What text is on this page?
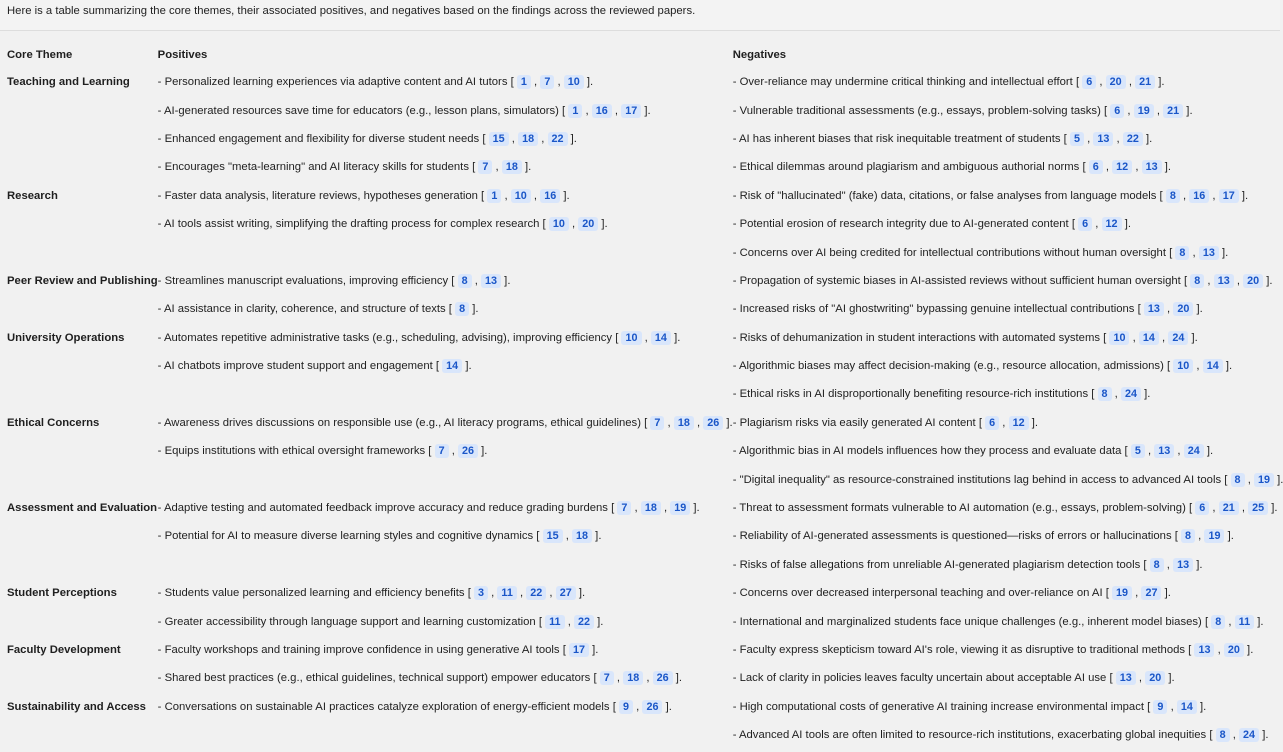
Here is a table summarizing the core themes, their associated positives, and negatives based on the findings across the reviewed papers.
Core Theme	Positives	Negatives
Teaching and Learning	- Personalized learning experiences via adaptive content and AI tutors [ 1 , 7 , 10 ].	- Over-reliance may undermine critical thinking and intellectual effort [ 6 , 20 , 21 ].
	- AI-generated resources save time for educators (e.g., lesson plans, simulators) [ 1 , 16 , 17 ].	- Vulnerable traditional assessments (e.g., essays, problem-solving tasks) [ 6 , 19 , 21 ].
	- Enhanced engagement and flexibility for diverse student needs [ 15 , 18 , 22 ].	- AI has inherent biases that risk inequitable treatment of students [ 5 , 13 , 22 ].
	- Encourages "meta-learning" and AI literacy skills for students [ 7 , 18 ].	- Ethical dilemmas around plagiarism and ambiguous authorial norms [ 6 , 12 , 13 ].
Research	- Faster data analysis, literature reviews, hypotheses generation [ 1 , 10 , 16 ].	- Risk of "hallucinated" (fake) data, citations, or false analyses from language models [ 8 , 16 , 17 ].
	- AI tools assist writing, simplifying the drafting process for complex research [ 10 , 20 ].	- Potential erosion of research integrity due to AI-generated content [ 6 , 12 ].
		- Concerns over AI being credited for intellectual contributions without human oversight [ 8 , 13 ].
Peer Review and Publishing	- Streamlines manuscript evaluations, improving efficiency [ 8 , 13 ].	- Propagation of systemic biases in AI-assisted reviews without sufficient human oversight [ 8 , 13 , 20 ].
	- AI assistance in clarity, coherence, and structure of texts [ 8 ].	- Increased risks of "AI ghostwriting" bypassing genuine intellectual contributions [ 13 , 20 ].
University Operations	- Automates repetitive administrative tasks (e.g., scheduling, advising), improving efficiency [ 10 , 14 ].	- Risks of dehumanization in student interactions with automated systems [ 10 , 14 , 24 ].
	- AI chatbots improve student support and engagement [ 14 ].	- Algorithmic biases may affect decision-making (e.g., resource allocation, admissions) [ 10 , 14 ].
		- Ethical risks in AI disproportionally benefiting resource-rich institutions [ 8 , 24 ].
Ethical Concerns	- Awareness drives discussions on responsible use (e.g., AI literacy programs, ethical guidelines) [ 7 , 18 , 26 ].	- Plagiarism risks via easily generated AI content [ 6 , 12 ].
	- Equips institutions with ethical oversight frameworks [ 7 , 26 ].	- Algorithmic bias in AI models influences how they process and evaluate data [ 5 , 13 , 24 ].
		- "Digital inequality" as resource-constrained institutions lag behind in access to advanced AI tools [ 8 , 19 ].
Assessment and Evaluation	- Adaptive testing and automated feedback improve accuracy and reduce grading burdens [ 7 , 18 , 19 ].	- Threat to assessment formats vulnerable to AI automation (e.g., essays, problem-solving) [ 6 , 21 , 25 ].
	- Potential for AI to measure diverse learning styles and cognitive dynamics [ 15 , 18 ].	- Reliability of AI-generated assessments is questioned—risks of errors or hallucinations [ 8 , 19 ].
		- Risks of false allegations from unreliable AI-generated plagiarism detection tools [ 8 , 13 ].
Student Perceptions	- Students value personalized learning and efficiency benefits [ 3 , 11 , 22 , 27 ].	- Concerns over decreased interpersonal teaching and over-reliance on AI [ 19 , 27 ].
	- Greater accessibility through language support and learning customization [ 11 , 22 ].	- International and marginalized students face unique challenges (e.g., inherent model biases) [ 8 , 11 ].
Faculty Development	- Faculty workshops and training improve confidence in using generative AI tools [ 17 ].	- Faculty express skepticism toward AI's role, viewing it as disruptive to traditional methods [ 13 , 20 ].
	- Shared best practices (e.g., ethical guidelines, technical support) empower educators [ 7 , 18 , 26 ].	- Lack of clarity in policies leaves faculty uncertain about acceptable AI use [ 13 , 20 ].
Sustainability and Access	- Conversations on sustainable AI practices catalyze exploration of energy-efficient models [ 9 , 26 ].	- High computational costs of generative AI training increase environmental impact [ 9 , 14 ].
		- Advanced AI tools are often limited to resource-rich institutions, exacerbating global inequities [ 8 , 24 ].
